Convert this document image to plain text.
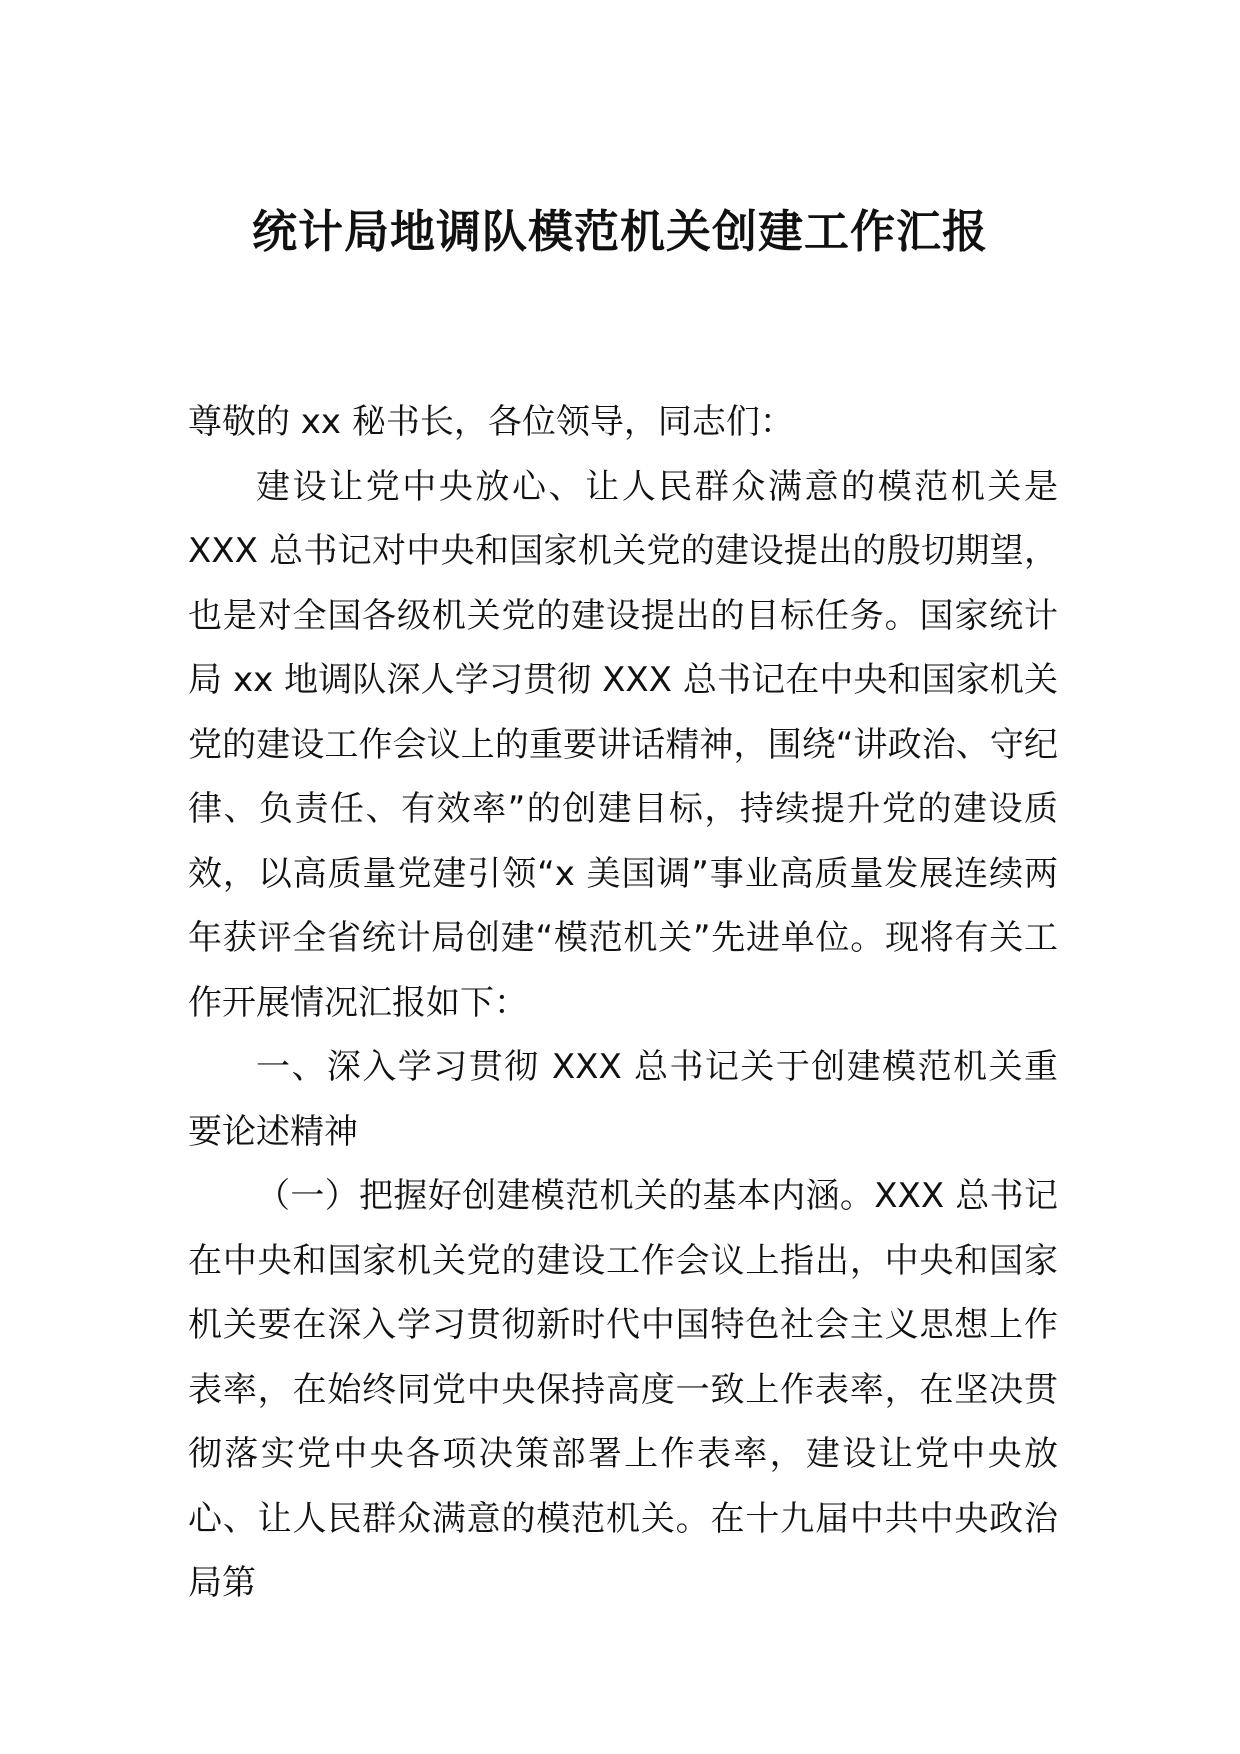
统计局地调队模范机关创建工作汇报

尊敬的 xx 秘书长，各位领导，同志们：

建设让党中央放心、让人民群众满意的模范机关是 XXX 总书记对中央和国家机关党的建设提出的殷切期望，也是对全国各级机关党的建设提出的目标任务。国家统计局 xx 地调队深人学习贯彻 XXX 总书记在中央和国家机关党的建设工作会议上的重要讲话精神，围绕“讲政治、守纪律、负责任、有效率”的创建目标，持续提升党的建设质效，以高质量党建引领“x 美国调”事业高质量发展连续两年获评全省统计局创建“模范机关”先进单位。现将有关工作开展情况汇报如下：

一、深入学习贯彻 XXX 总书记关于创建模范机关重要论述精神

（一）把握好创建模范机关的基本内涵。XXX 总书记在中央和国家机关党的建设工作会议上指出，中央和国家机关要在深入学习贯彻新时代中国特色社会主义思想上作表率，在始终同党中央保持高度一致上作表率，在坚决贯彻落实党中央各项决策部署上作表率，建设让党中央放心、让人民群众满意的模范机关。在十九届中共中央政治局第
